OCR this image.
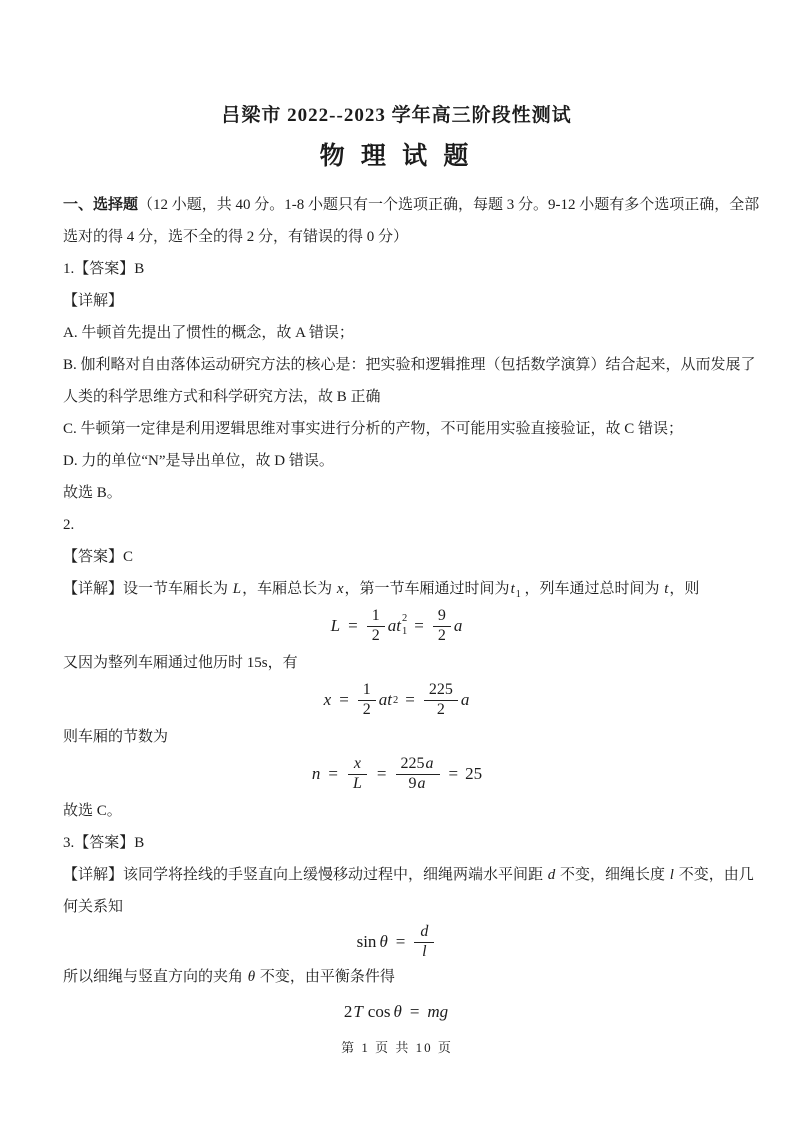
吕梁市 2022--2023 学年高三阶段性测试
物 理 试 题
一、选择题（12 小题，共 40 分。1-8 小题只有一个选项正确，每题 3 分。9-12 小题有多个选项正确，全部
选对的得 4 分，选不全的得 2 分，有错误的得 0 分）
1.【答案】B
【详解】
A. 牛顿首先提出了惯性的概念，故 A 错误；
B. 伽利略对自由落体运动研究方法的核心是：把实验和逻辑推理（包括数学演算）结合起来，从而发展了
人类的科学思维方式和科学研究方法，故 B 正确
C. 牛顿第一定律是利用逻辑思维对事实进行分析的产物，不可能用实验直接验证，故 C 错误；
D. 力的单位“N”是导出单位，故 D 错误。
故选 B。
2.
【答案】C
【详解】设一节车厢长为 L，车厢总长为 x，第一节车厢通过时间为$t_1$ ，列车通过总时间为 t，则
$L = \frac{1}{2}$ at 2
$1 = \frac{9}{2}$ a
又因为整列车厢通过他历时 15s，有
$x = \frac{1}{2}$ at $2 = \frac{225}{2}$ a
则车厢的节数为
$n = \frac{x}{L} = \frac{225a}{9a} = 25$
故选 C。
3.【答案】B
【详解】该同学将拴线的手竖直向上缓慢移动过程中，细绳两端水平间距 d 不变，细绳长度 l 不变，由几
何关系知
$\sin \theta = \frac{d}{l}$
所以细绳与竖直方向的夹角 θ 不变，由平衡条件得
2 T cos θ = mg
第 1 页 共 10 页
